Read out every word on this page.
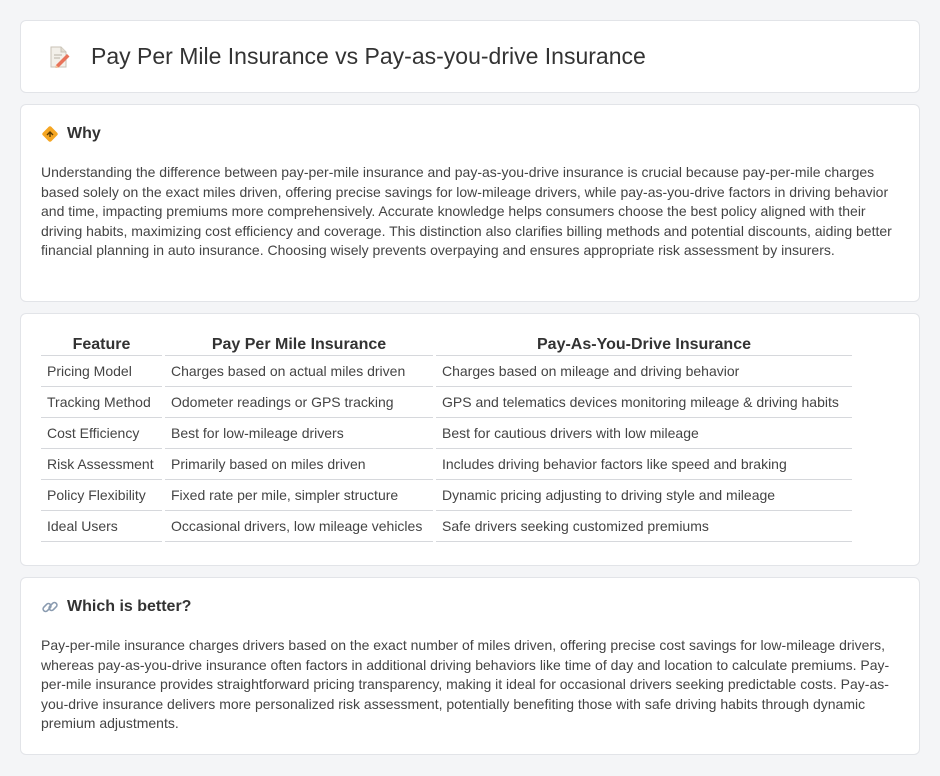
Pay Per Mile Insurance vs Pay-as-you-drive Insurance
Why

Understanding the difference between pay-per-mile insurance and pay-as-you-drive insurance is crucial because pay-per-mile charges based solely on the exact miles driven, offering precise savings for low-mileage drivers, while pay-as-you-drive factors in driving behavior and time, impacting premiums more comprehensively. Accurate knowledge helps consumers choose the best policy aligned with their driving habits, maximizing cost efficiency and coverage. This distinction also clarifies billing methods and potential discounts, aiding better financial planning in auto insurance. Choosing wisely prevents overpaying and ensures appropriate risk assessment by insurers.

Feature	Pay Per Mile Insurance	Pay-As-You-Drive Insurance
Pricing Model	Charges based on actual miles driven	Charges based on mileage and driving behavior
Tracking Method	Odometer readings or GPS tracking	GPS and telematics devices monitoring mileage & driving habits
Cost Efficiency	Best for low-mileage drivers	Best for cautious drivers with low mileage
Risk Assessment	Primarily based on miles driven	Includes driving behavior factors like speed and braking
Policy Flexibility	Fixed rate per mile, simpler structure	Dynamic pricing adjusting to driving style and mileage
Ideal Users	Occasional drivers, low mileage vehicles	Safe drivers seeking customized premiums
Which is better?

Pay-per-mile insurance charges drivers based on the exact number of miles driven, offering precise cost savings for low-mileage drivers, whereas pay-as-you-drive insurance often factors in additional driving behaviors like time of day and location to calculate premiums. Pay-per-mile insurance provides straightforward pricing transparency, making it ideal for occasional drivers seeking predictable costs. Pay-as-you-drive insurance delivers more personalized risk assessment, potentially benefiting those with safe driving habits through dynamic premium adjustments.
